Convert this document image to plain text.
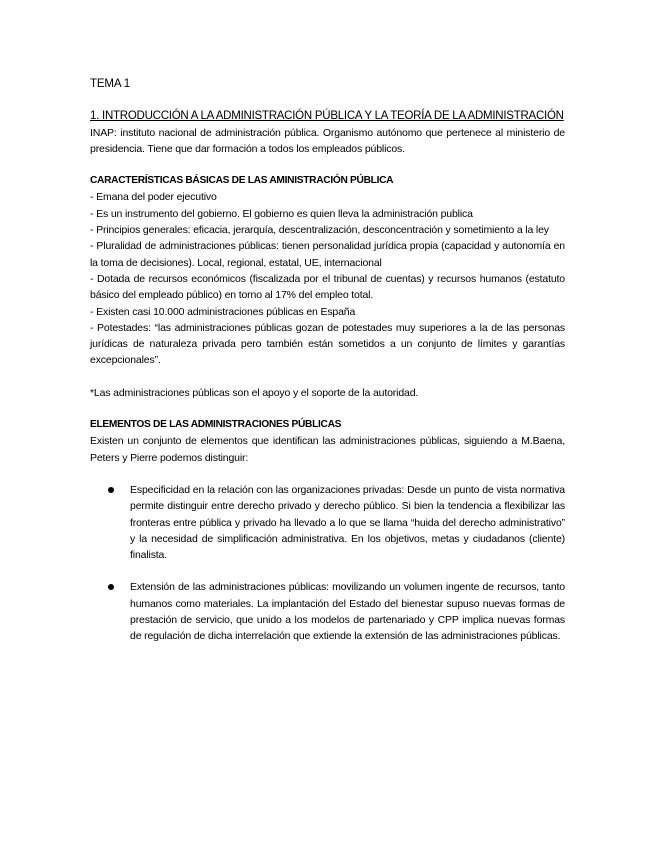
TEMA 1

1. INTRODUCCIÓN A LA ADMINISTRACIÓN PÚBLICA Y LA TEORÍA DE LA ADMINISTRACIÓN

INAP: instituto nacional de administración pública. Organismo autónomo que pertenece al ministerio de presidencia. Tiene que dar formación a todos los empleados públicos.

CARACTERÍSTICAS BÁSICAS DE LAS AMINISTRACIÓN PÚBLICA

- Emana del poder ejecutivo

- Es un instrumento del gobierno. El gobierno es quien lleva la administración publica

- Principios generales: eficacia, jerarquía, descentralización, desconcentración y sometimiento a la ley

- Pluralidad de administraciones públicas: tienen personalidad jurídica propia (capacidad y autonomía en la toma de decisiones). Local, regional, estatal, UE, internacional

- Dotada de recursos económicos (fiscalizada por el tribunal de cuentas) y recursos humanos (estatuto básico del empleado público) en torno al 17% del empleo total.

- Existen casi 10.000 administraciones públicas en España

- Potestades: “las administraciones públicas gozan de potestades muy superiores a la de las personas jurídicas de naturaleza privada pero también están sometidos a un conjunto de límites y garantías excepcionales”.

*Las administraciones públicas son el apoyo y el soporte de la autoridad.

ELEMENTOS DE LAS ADMINISTRACIONES PÚBLICAS

Existen un conjunto de elementos que identifican las administraciones públicas, siguiendo a M.Baena, Peters y Pierre podemos distinguir:

Especificidad en la relación con las organizaciones privadas: Desde un punto de vista normativa permite distinguir entre derecho privado y derecho público. Si bien la tendencia a flexibilizar las fronteras entre pública y privado ha llevado a lo que se llama “huida del derecho administrativo” y la necesidad de simplificación administrativa. En los objetivos, metas y ciudadanos (cliente) finalista.
Extensión de las administraciones públicas: movilizando un volumen ingente de recursos, tanto humanos como materiales. La implantación del Estado del bienestar supuso nuevas formas de prestación de servicio, que unido a los modelos de partenariado y CPP implica nuevas formas de regulación de dicha interrelación que extiende la extensión de las administraciones públicas.
